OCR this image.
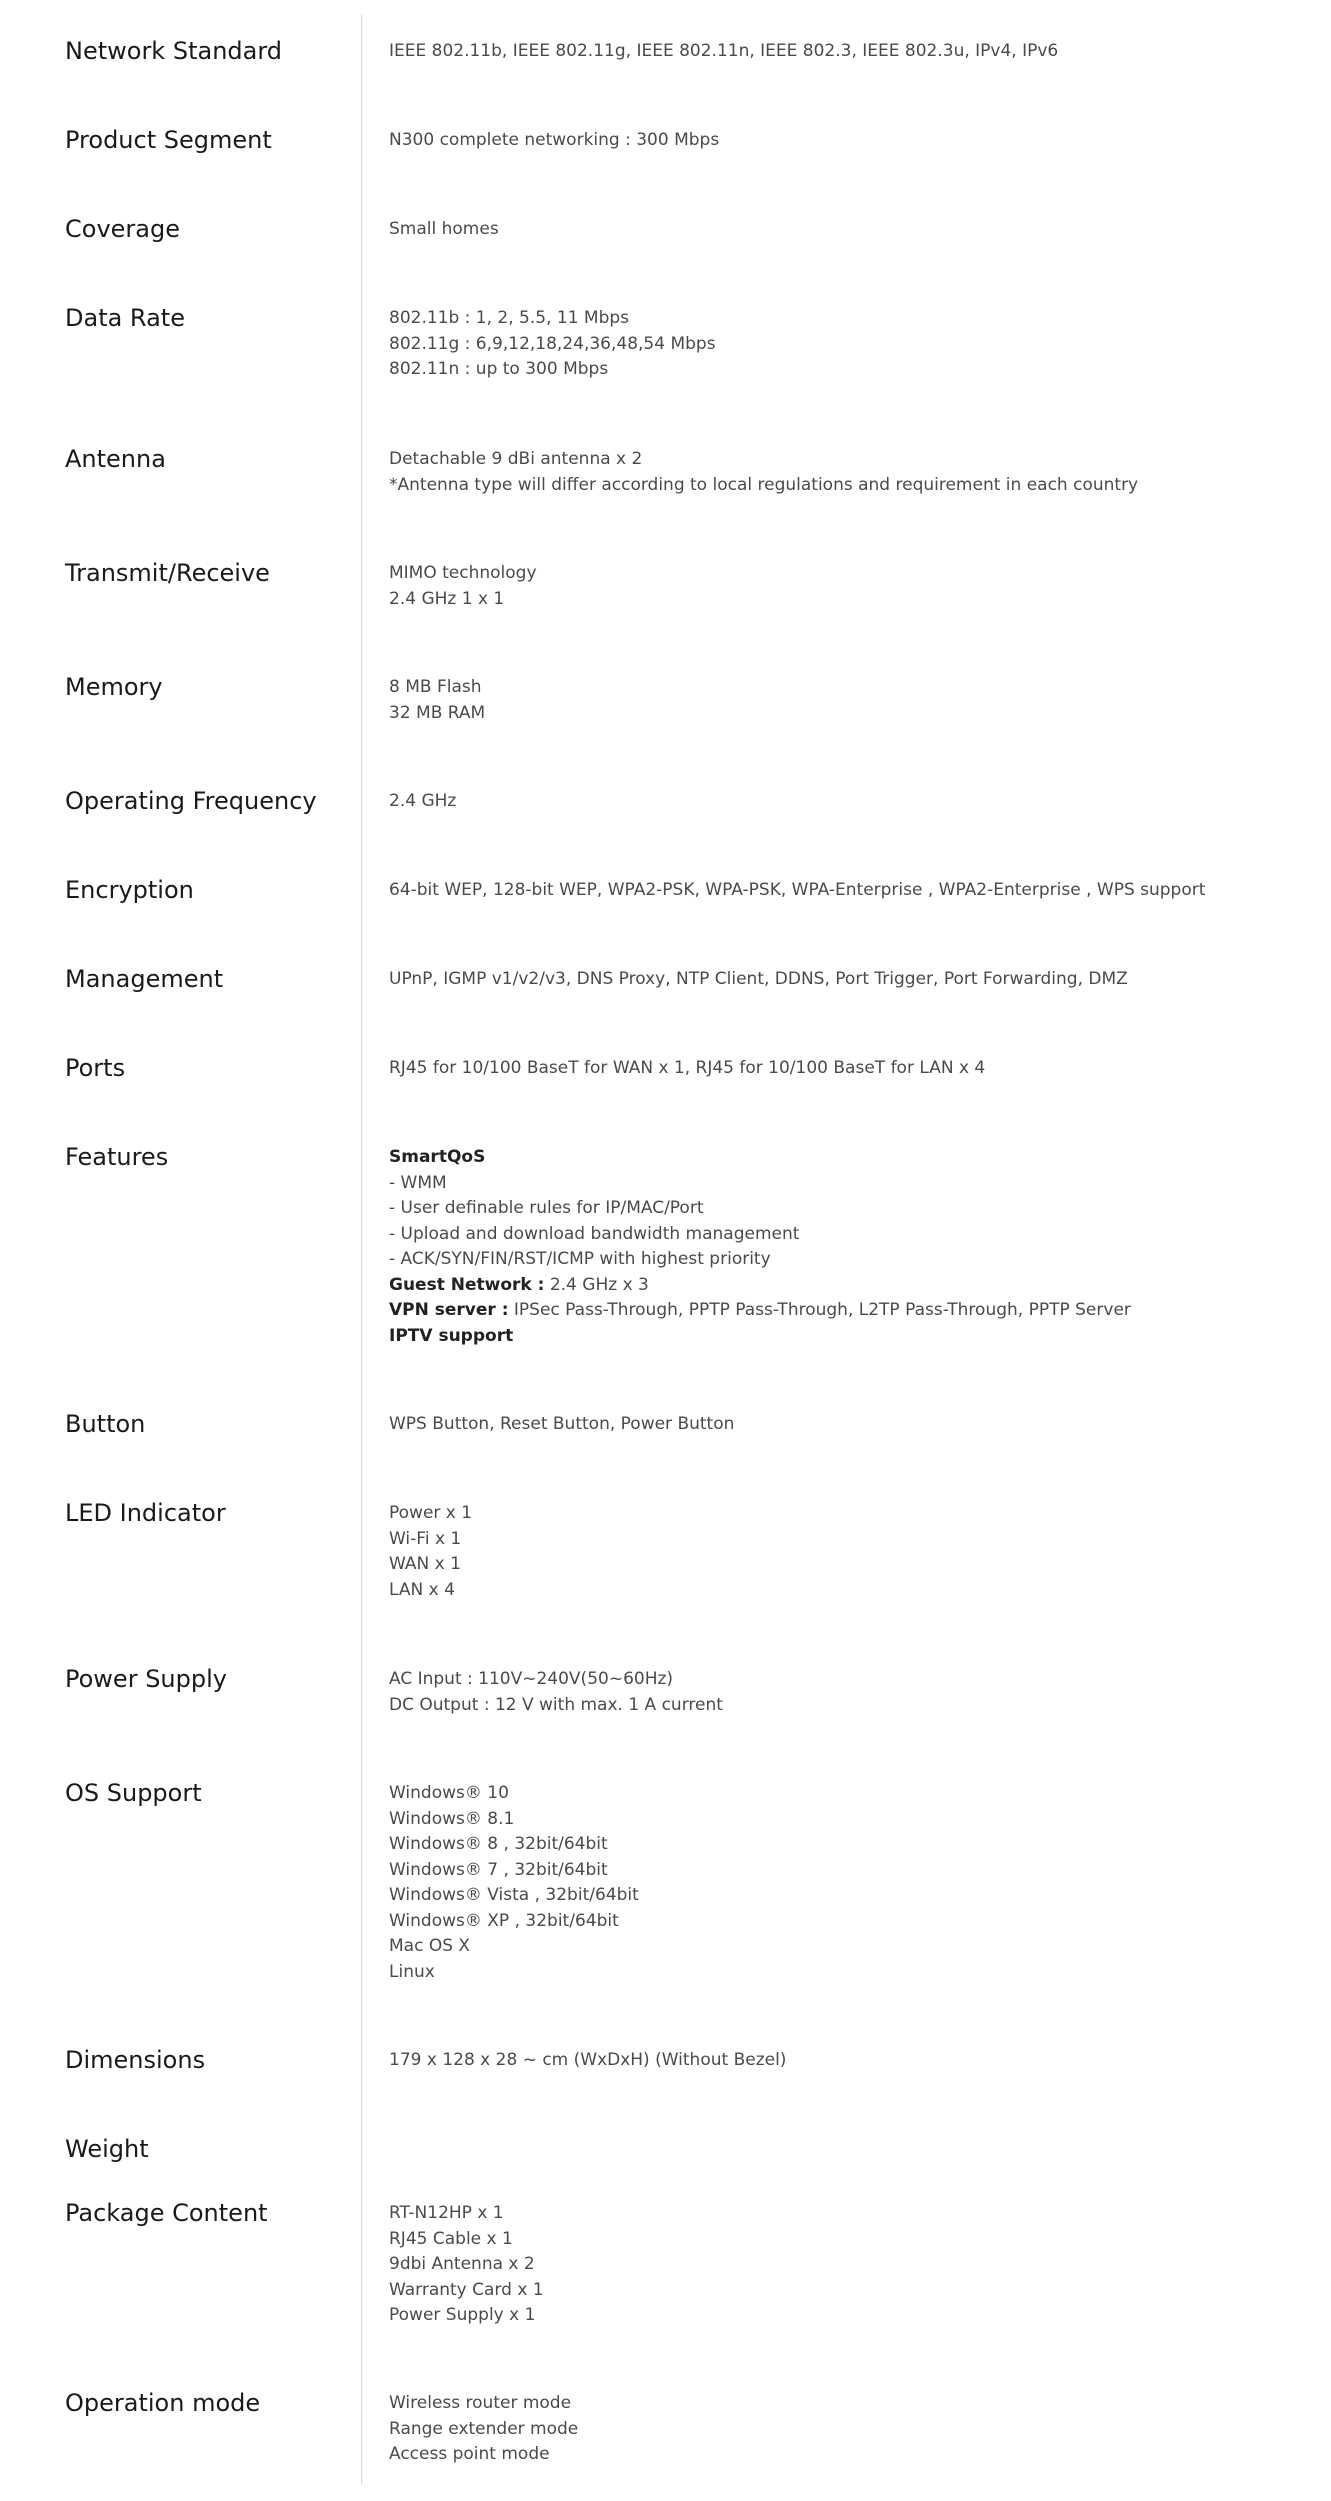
Network Standard	IEEE 802.11b, IEEE 802.11g, IEEE 802.11n, IEEE 802.3, IEEE 802.3u, IPv4, IPv6
Product Segment	N300 complete networking : 300 Mbps
Coverage	Small homes
Data Rate	802.11b : 1, 2, 5.5, 11 Mbps
802.11g : 6,9,12,18,24,36,48,54 Mbps
802.11n : up to 300 Mbps
Antenna	Detachable 9 dBi antenna x 2
*Antenna type will differ according to local regulations and requirement in each country
Transmit/Receive	MIMO technology
2.4 GHz 1 x 1
Memory	8 MB Flash
32 MB RAM
Operating Frequency	2.4 GHz
Encryption	64-bit WEP, 128-bit WEP, WPA2-PSK, WPA-PSK, WPA-Enterprise , WPA2-Enterprise , WPS support
Management	UPnP, IGMP v1/v2/v3, DNS Proxy, NTP Client, DDNS, Port Trigger, Port Forwarding, DMZ
Ports	RJ45 for 10/100 BaseT for WAN x 1, RJ45 for 10/100 BaseT for LAN x 4
Features	SmartQoS
- WMM
- User definable rules for IP/MAC/Port
- Upload and download bandwidth management
- ACK/SYN/FIN/RST/ICMP with highest priority
Guest Network : 2.4 GHz x 3
VPN server : IPSec Pass-Through, PPTP Pass-Through, L2TP Pass-Through, PPTP Server
IPTV support
Button	WPS Button, Reset Button, Power Button
LED Indicator	Power x 1
Wi-Fi x 1
WAN x 1
LAN x 4
Power Supply	AC Input : 110V~240V(50~60Hz)
DC Output : 12 V with max. 1 A current
OS Support	Windows® 10
Windows® 8.1
Windows® 8 , 32bit/64bit
Windows® 7 , 32bit/64bit
Windows® Vista , 32bit/64bit
Windows® XP , 32bit/64bit
Mac OS X
Linux
Dimensions	179 x 128 x 28 ~ cm (WxDxH) (Without Bezel)
Weight
Package Content	RT-N12HP x 1
RJ45 Cable x 1
9dbi Antenna x 2
Warranty Card x 1
Power Supply x 1
Operation mode	Wireless router mode
Range extender mode
Access point mode
